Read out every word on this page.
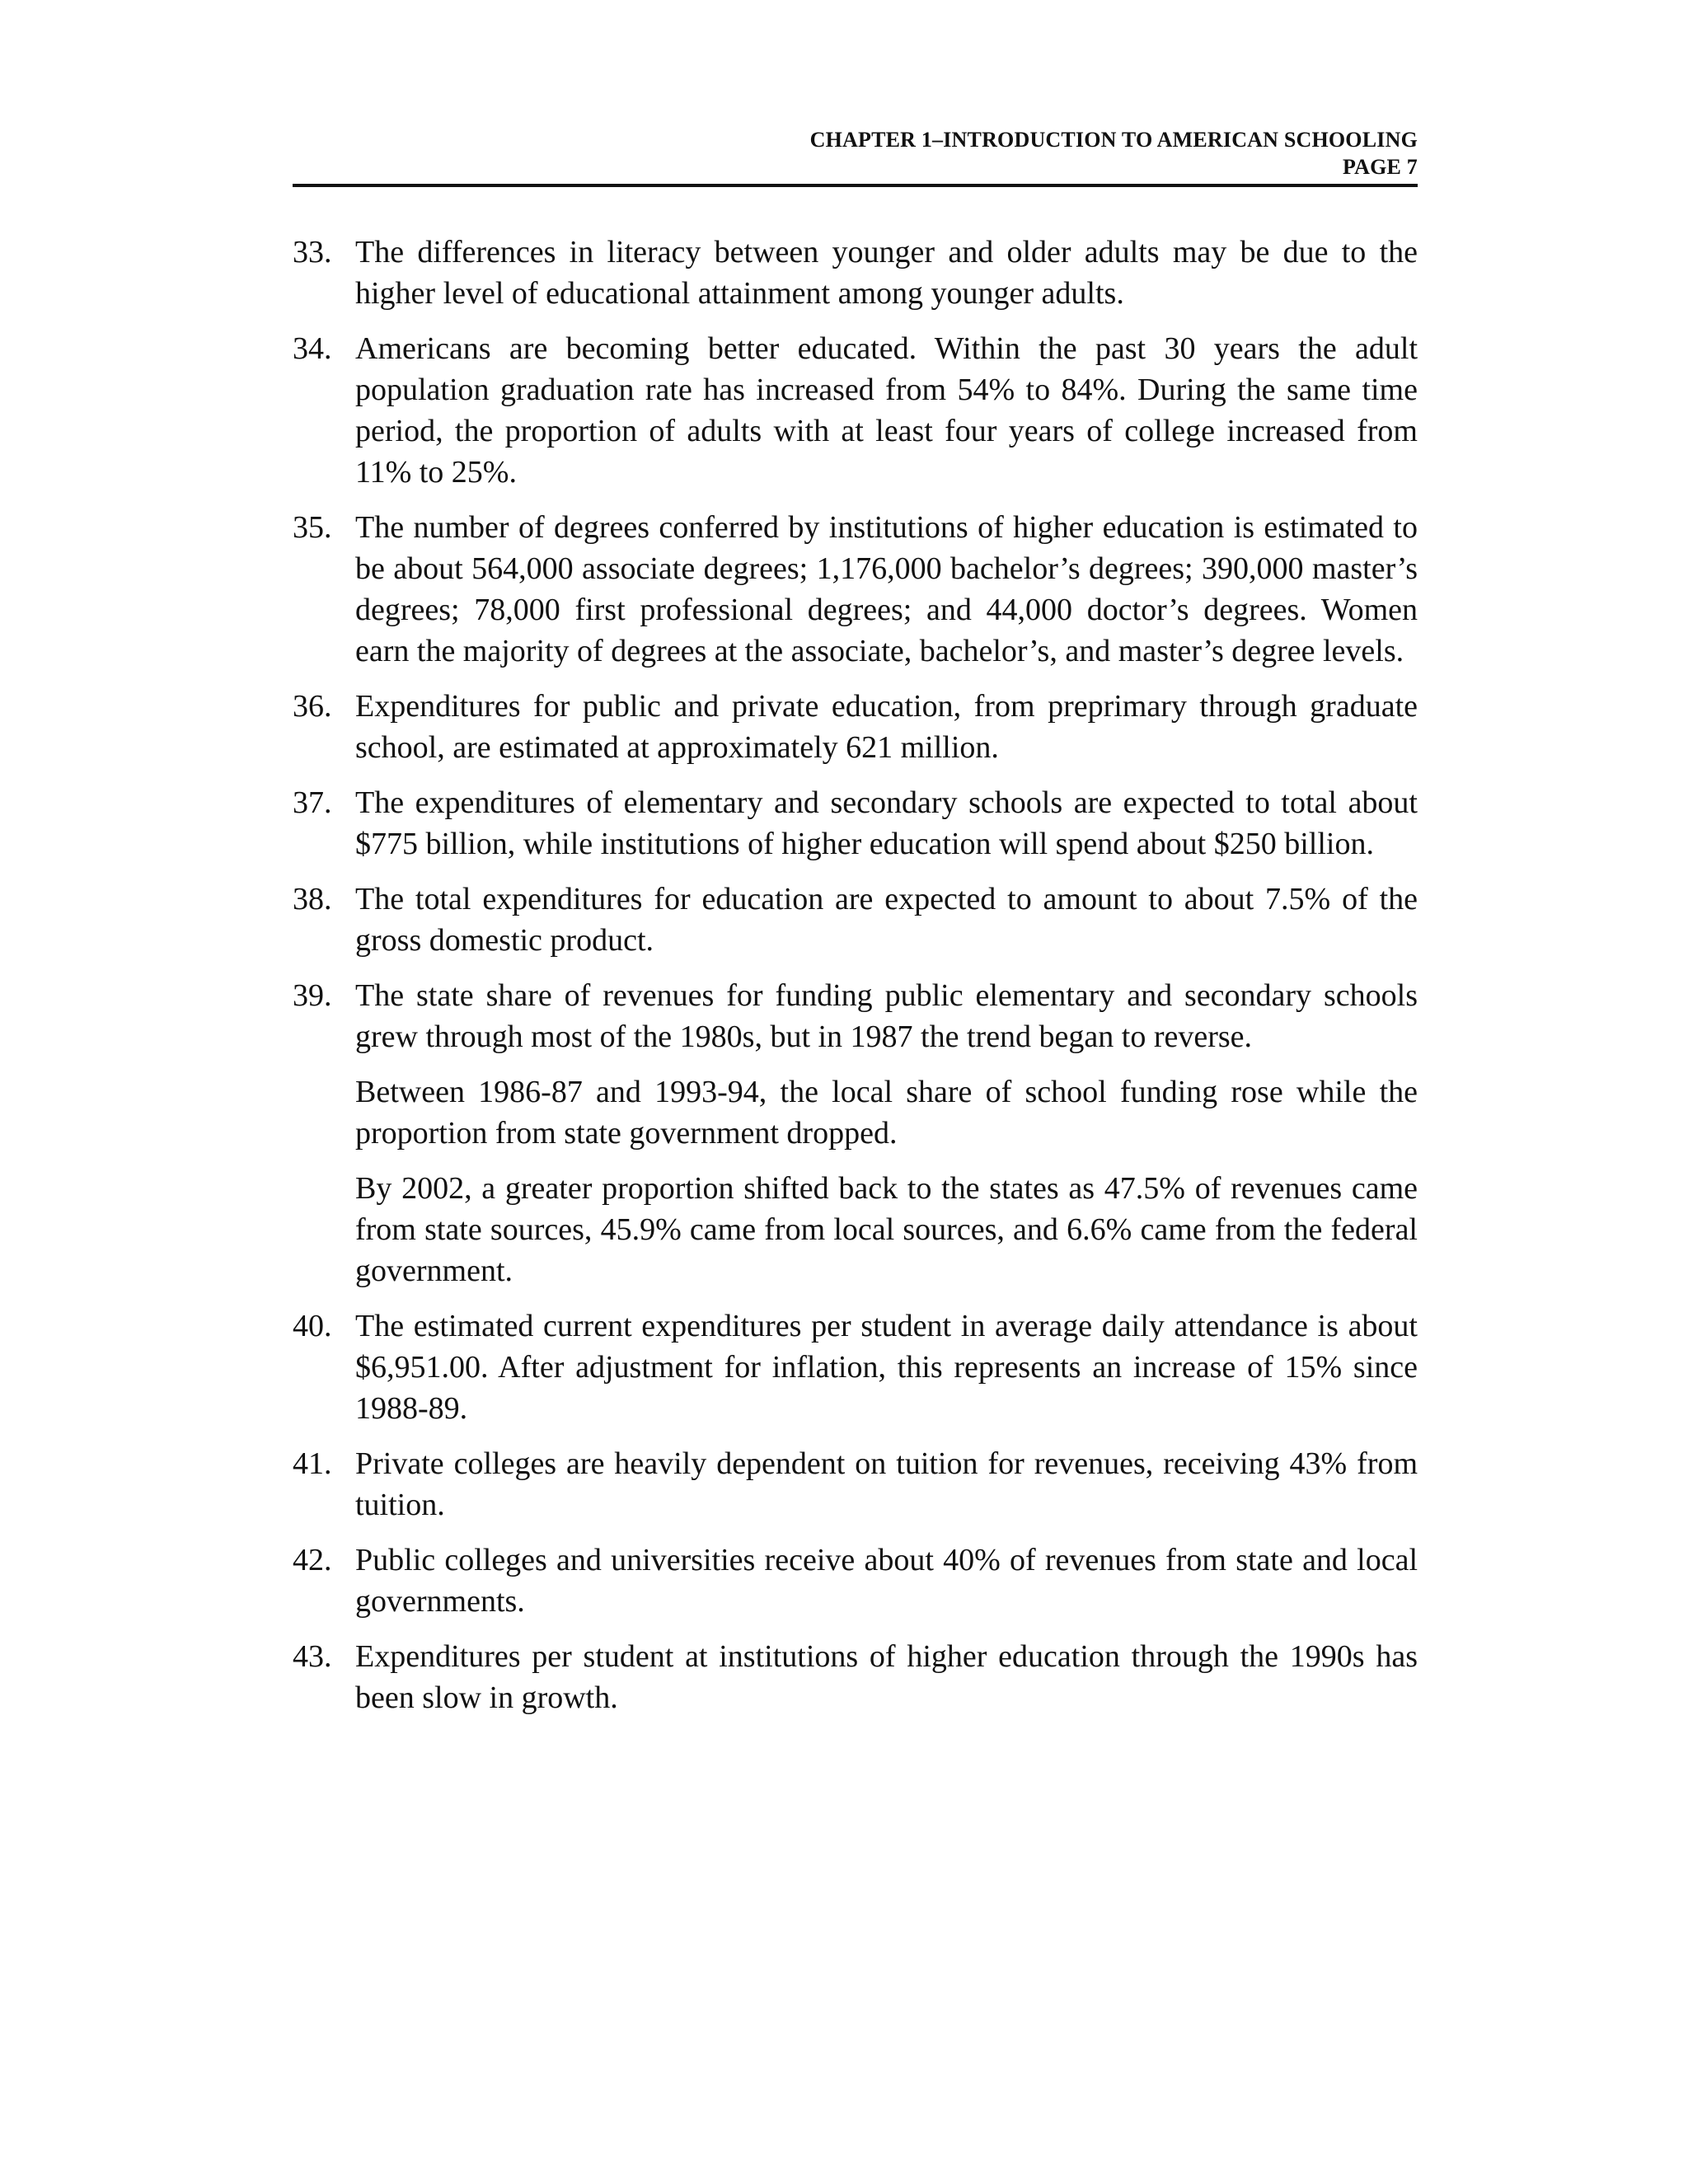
CHAPTER 1–INTRODUCTION TO AMERICAN SCHOOLING
PAGE 7
33. The differences in literacy between younger and older adults may be due to the higher level of educational attainment among younger adults.

34. Americans are becoming better educated. Within the past 30 years the adult population graduation rate has increased from 54% to 84%. During the same time period, the proportion of adults with at least four years of college increased from 11% to 25%.

35. The number of degrees conferred by institutions of higher education is estimated to be about 564,000 associate degrees; 1,176,000 bachelor’s degrees; 390,000 master’s degrees; 78,000 first professional degrees; and 44,000 doctor’s degrees. Women earn the majority of degrees at the associate, bachelor’s, and master’s degree levels.

36. Expenditures for public and private education, from preprimary through graduate school, are estimated at approximately 621 million.

37. The expenditures of elementary and secondary schools are expected to total about $775 billion, while institutions of higher education will spend about $250 billion.

38. The total expenditures for education are expected to amount to about 7.5% of the gross domestic product.

39. The state share of revenues for funding public elementary and secondary schools grew through most of the 1980s, but in 1987 the trend began to reverse.

Between 1986-87 and 1993-94, the local share of school funding rose while the proportion from state government dropped.

By 2002, a greater proportion shifted back to the states as 47.5% of revenues came from state sources, 45.9% came from local sources, and 6.6% came from the federal government.

40. The estimated current expenditures per student in average daily attendance is about $6,951.00. After adjustment for inflation, this represents an increase of 15% since 1988-89.

41. Private colleges are heavily dependent on tuition for revenues, receiving 43% from tuition.

42. Public colleges and universities receive about 40% of revenues from state and local governments.

43. Expenditures per student at institutions of higher education through the 1990s has been slow in growth.
